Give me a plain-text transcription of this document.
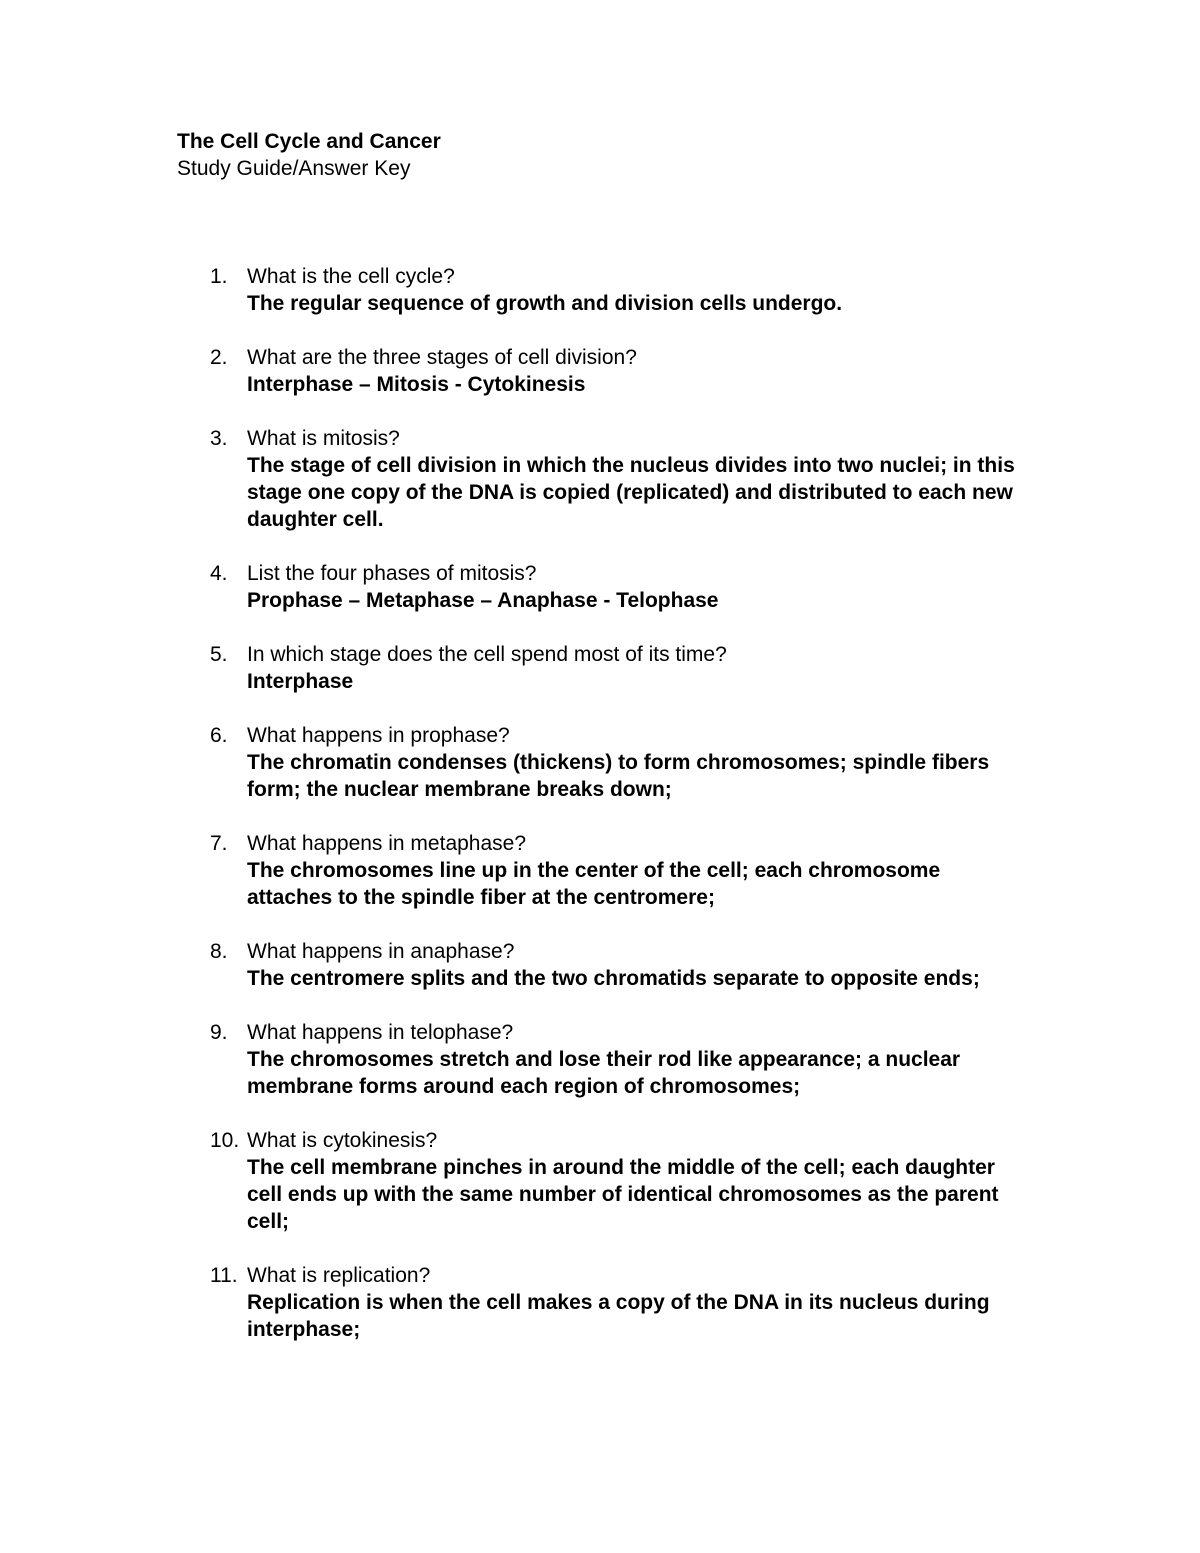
The Cell Cycle and Cancer
Study Guide/Answer Key
1. What is the cell cycle?
The regular sequence of growth and division cells undergo.
2. What are the three stages of cell division?
Interphase – Mitosis - Cytokinesis
3. What is mitosis?
The stage of cell division in which the nucleus divides into two nuclei; in this stage one copy of the DNA is copied (replicated) and distributed to each new daughter cell.
4. List the four phases of mitosis?
Prophase – Metaphase – Anaphase - Telophase
5. In which stage does the cell spend most of its time?
Interphase
6. What happens in prophase?
The chromatin condenses (thickens) to form chromosomes; spindle fibers form; the nuclear membrane breaks down;
7. What happens in metaphase?
The chromosomes line up in the center of the cell; each chromosome attaches to the spindle fiber at the centromere;
8. What happens in anaphase?
The centromere splits and the two chromatids separate to opposite ends;
9. What happens in telophase?
The chromosomes stretch and lose their rod like appearance; a nuclear membrane forms around each region of chromosomes;
10. What is cytokinesis?
The cell membrane pinches in around the middle of the cell; each daughter cell ends up with the same number of identical chromosomes as the parent cell;
11. What is replication?
Replication is when the cell makes a copy of the DNA in its nucleus during interphase;
